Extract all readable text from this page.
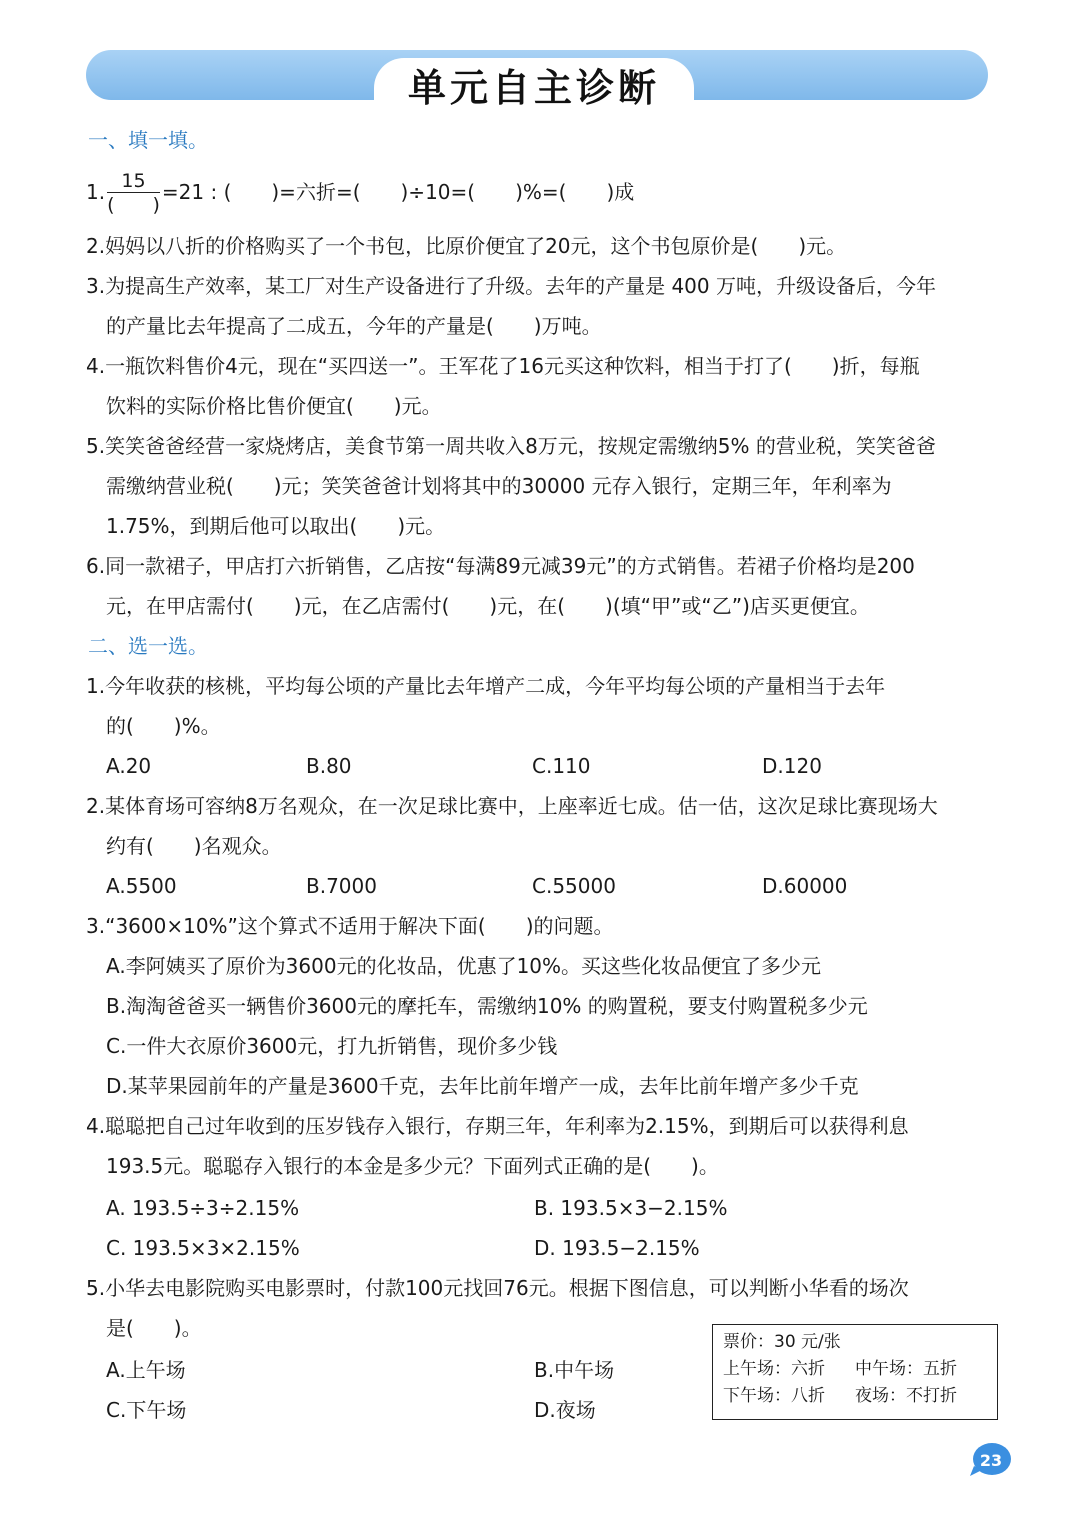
单元自主诊断
一、填一填。
1. $\frac{15}{( )} =21$ : (　　)=六折=(　　)÷10=(　　)%=(　　)成
2.妈妈以八折的价格购买了一个书包，比原价便宜了20元，这个书包原价是(　　)元。
3.为提高生产效率，某工厂对生产设备进行了升级。去年的产量是 400 万吨，升级设备后，今年
的产量比去年提高了二成五，今年的产量是(　　)万吨。
4.一瓶饮料售价4元，现在“买四送一”。王军花了16元买这种饮料，相当于打了(　　)折，每瓶
饮料的实际价格比售价便宜(　　)元。
5.笑笑爸爸经营一家烧烤店，美食节第一周共收入8万元，按规定需缴纳5% 的营业税，笑笑爸爸
需缴纳营业税(　　)元；笑笑爸爸计划将其中的30000 元存入银行，定期三年，年利率为
1.75%，到期后他可以取出(　　)元。
6.同一款裙子，甲店打六折销售，乙店按“每满89元减39元”的方式销售。若裙子价格均是200
元，在甲店需付(　　)元，在乙店需付(　　)元，在(　　)(填“甲”或“乙”)店买更便宜。
二、选一选。
1.今年收获的核桃，平均每公顷的产量比去年增产二成，今年平均每公顷的产量相当于去年
的(　　)%。
A.20	B.80	C.110	D.120
2.某体育场可容纳8万名观众，在一次足球比赛中，上座率近七成。估一估，这次足球比赛现场大
约有(　　)名观众。
A.5500	B.7000	C.55000	D.60000
3.“3600×10%”这个算式不适用于解决下面(　　)的问题。
A.李阿姨买了原价为3600元的化妆品，优惠了10%。买这些化妆品便宜了多少元
B.淘淘爸爸买一辆售价3600元的摩托车，需缴纳10% 的购置税，要支付购置税多少元
C.一件大衣原价3600元，打九折销售，现价多少钱
D.某苹果园前年的产量是3600千克，去年比前年增产一成，去年比前年增产多少千克
4.聪聪把自己过年收到的压岁钱存入银行，存期三年，年利率为2.15%，到期后可以获得利息
193.5元。聪聪存入银行的本金是多少元？下面列式正确的是(　　)。
A. 193.5÷3÷2.15%	B. 193.5×3−2.15%
C. 193.5×3×2.15%	D. 193.5−2.15%
5.小华去电影院购买电影票时，付款100元找回76元。根据下图信息，可以判断小华看的场次
是(　　)。
A.上午场	B.中午场
C.下午场	D.夜场
票价：30 元/张
上午场：六折	中午场：五折
下午场：八折	夜场：不打折
23
